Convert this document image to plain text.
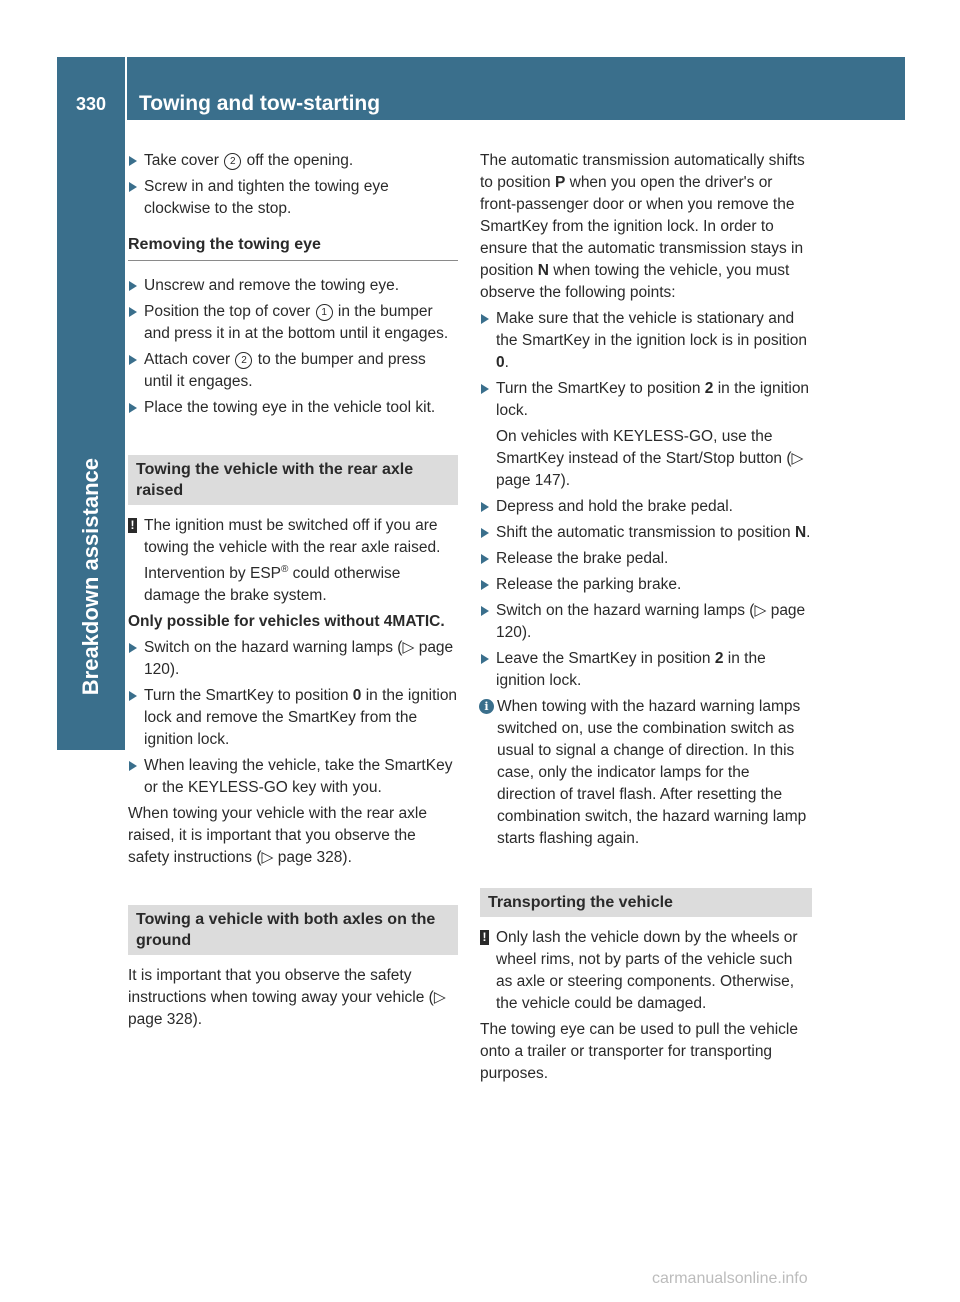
330	Towing and tow-starting
Breakdown assistance
Take cover 2 off the opening.
Screw in and tighten the towing eye clockwise to the stop.
Removing the towing eye
Unscrew and remove the towing eye.
Position the top of cover 1 in the bumper and press it in at the bottom until it engages.
Attach cover 2 to the bumper and press until it engages.
Place the towing eye in the vehicle tool kit.
Towing the vehicle with the rear axle raised
! The ignition must be switched off if you are towing the vehicle with the rear axle raised. Intervention by ESP® could otherwise damage the brake system.

Only possible for vehicles without 4MATIC.

Switch on the hazard warning lamps (▷ page 120).
Turn the SmartKey to position 0 in the ignition lock and remove the SmartKey from the ignition lock.
When leaving the vehicle, take the SmartKey or the KEYLESS-GO key with you.

When towing your vehicle with the rear axle raised, it is important that you observe the safety instructions (▷ page 328).

Towing a vehicle with both axles on the ground

It is important that you observe the safety instructions when towing away your vehicle (▷ page 328).

The automatic transmission automatically shifts to position P when you open the driver's or front-passenger door or when you remove the SmartKey from the ignition lock. In order to ensure that the automatic transmission stays in position N when towing the vehicle, you must observe the following points:

Make sure that the vehicle is stationary and the SmartKey in the ignition lock is in position 0.
Turn the SmartKey to position 2 in the ignition lock.

On vehicles with KEYLESS-GO, use the SmartKey instead of the Start/Stop button (▷ page 147).

Depress and hold the brake pedal.
Shift the automatic transmission to position N.
Release the brake pedal.
Release the parking brake.
Switch on the hazard warning lamps (▷ page 120).
Leave the SmartKey in position 2 in the ignition lock.
i When towing with the hazard warning lamps switched on, use the combination switch as usual to signal a change of direction. In this case, only the indicator lamps for the direction of travel flash. After resetting the combination switch, the hazard warning lamp starts flashing again.
Transporting the vehicle
! Only lash the vehicle down by the wheels or wheel rims, not by parts of the vehicle such as axle or steering components. Otherwise, the vehicle could be damaged.

The towing eye can be used to pull the vehicle onto a trailer or transporter for transporting purposes.

carmanualsonline.info
